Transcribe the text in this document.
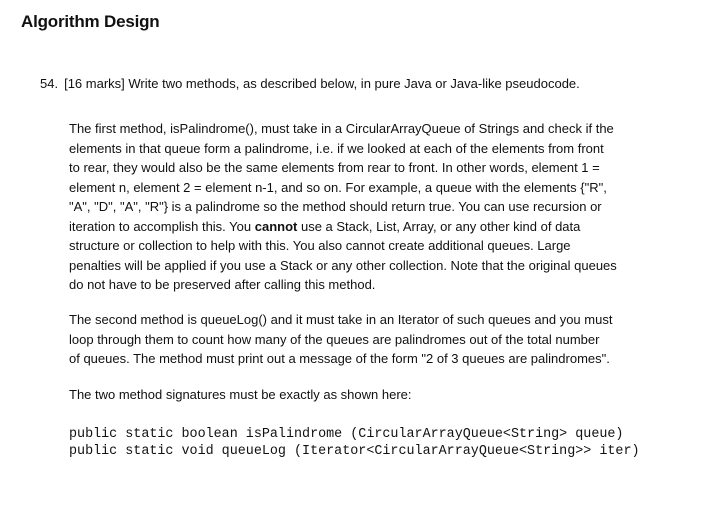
Algorithm Design
54. [16 marks] Write two methods, as described below, in pure Java or Java-like pseudocode.

The first method, isPalindrome(), must take in a CircularArrayQueue of Strings and check if the
elements in that queue form a palindrome, i.e. if we looked at each of the elements from front
to rear, they would also be the same elements from rear to front. In other words, element 1 =
element n, element 2 = element n-1, and so on. For example, a queue with the elements {"R",
"A", "D", "A", "R"} is a palindrome so the method should return true. You can use recursion or
iteration to accomplish this. You cannot use a Stack, List, Array, or any other kind of data
structure or collection to help with this. You also cannot create additional queues. Large
penalties will be applied if you use a Stack or any other collection. Note that the original queues
do not have to be preserved after calling this method.

The second method is queueLog() and it must take in an Iterator of such queues and you must
loop through them to count how many of the queues are palindromes out of the total number
of queues. The method must print out a message of the form "2 of 3 queues are palindromes".

The two method signatures must be exactly as shown here:

public static boolean isPalindrome (CircularArrayQueue<String> queue)
public static void queueLog (Iterator<CircularArrayQueue<String>> iter)
